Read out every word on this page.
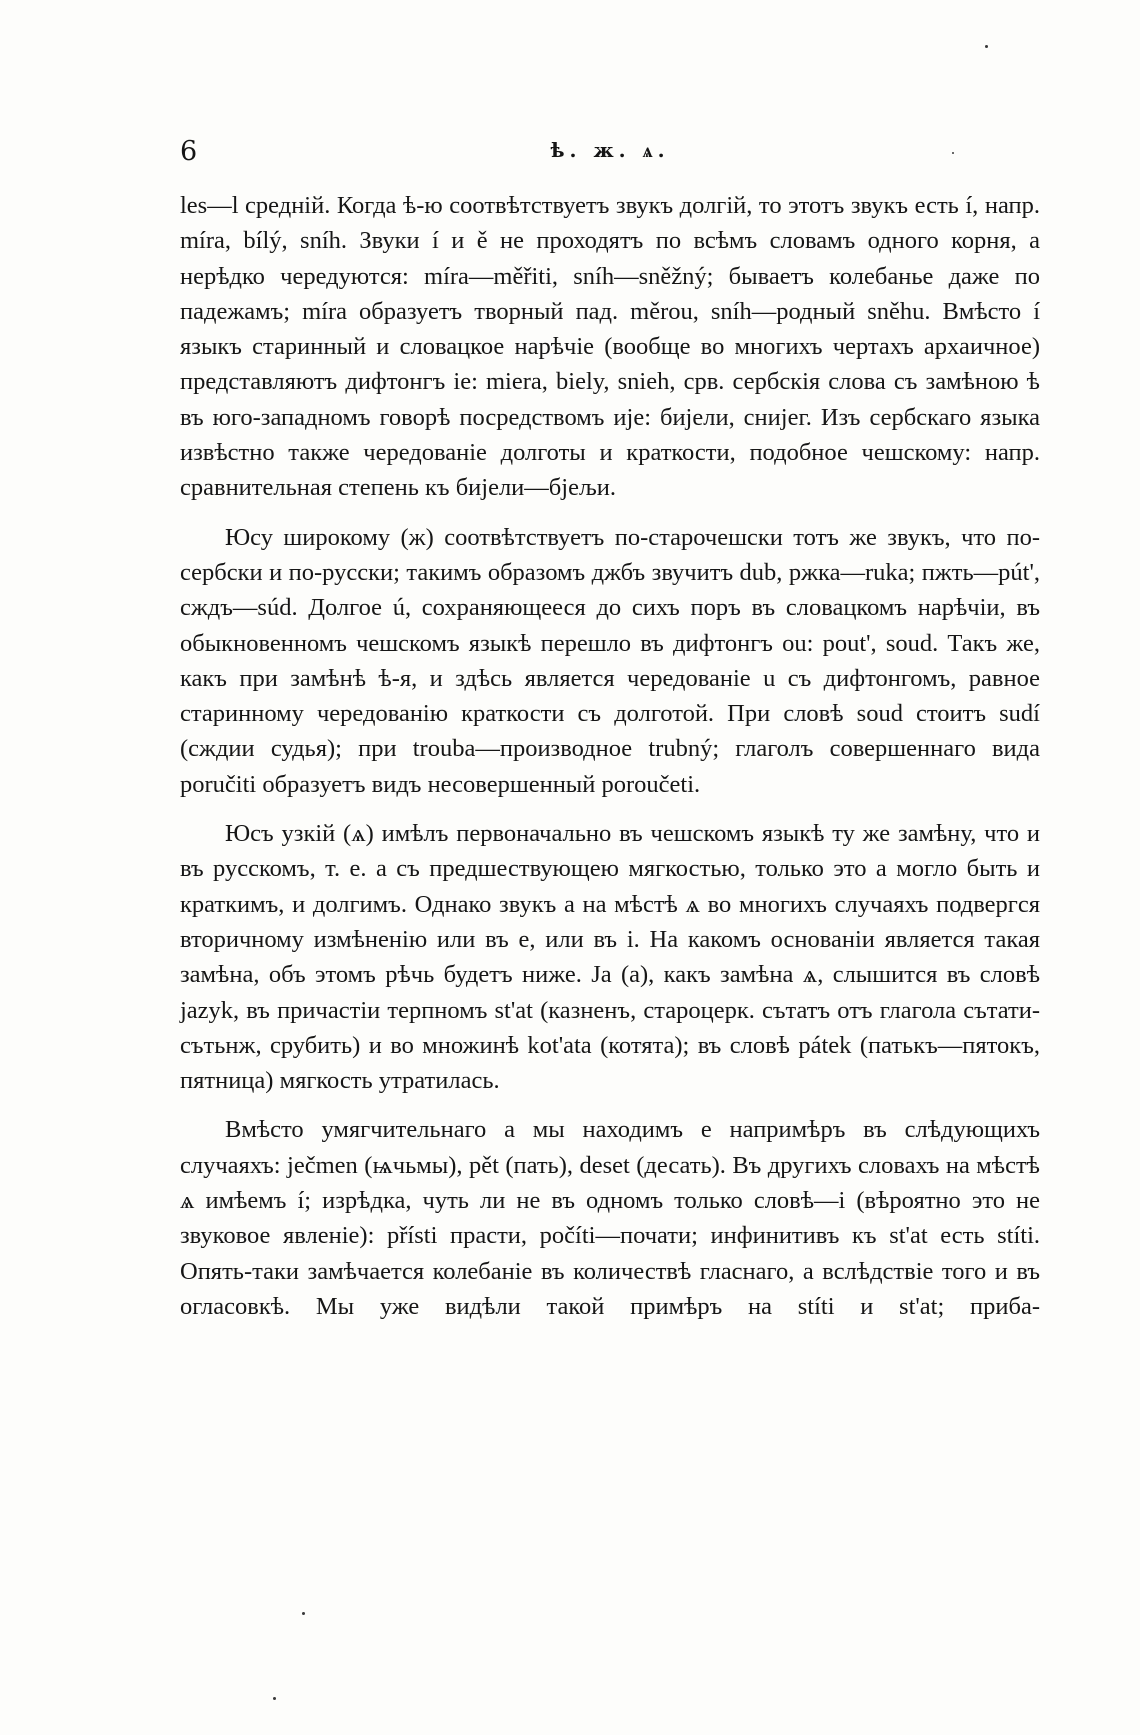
6	ѣ. ж. ѧ.

les—l средній. Когда ѣ-ю соотвѣтствуетъ звукъ долгій, то этотъ звукъ есть í, напр. míra, bílý, sníh. Звуки í и ě не проходятъ по всѣмъ словамъ одного корня, а нерѣдко чередуются: míra—měřiti, sníh—sněžný; бываетъ колебанье даже по падежамъ; míra образуетъ творный пад. měrou, sníh—родный sněhu. Вмѣсто í языкъ старинный и словацкое нарѣчіе (вообще во многихъ чертахъ архаичное) представляютъ дифтонгъ ie: miera, biely, snieh, срв. сербскія слова съ замѣною ѣ въ юго-западномъ говорѣ посредствомъ ије: бијели, снијег. Изъ сербскаго языка извѣстно также чередованіе долготы и краткости, подобное чешскому: напр. сравнительная степень къ бијели—бјељи.

Юсу широкому (ж) соотвѣтствуетъ по-старочешски тотъ же звукъ, что по-сербски и по-русски; такимъ образомъ джбъ звучитъ dub, ржка—ruka; пжть—pút', сждъ—súd. Долгое ú, сохраняющееся до сихъ поръ въ словацкомъ нарѣчіи, въ обыкновенномъ чешскомъ языкѣ перешло въ дифтонгъ ou: pout', soud. Такъ же, какъ при замѣнѣ ѣ-я, и здѣсь является чередованіе u съ дифтонгомъ, равное старинному чередованію краткости съ долготой. При словѣ soud стоитъ sudí (сждии судья); при trouba—производное trubný; глаголъ совершеннаго вида poručiti образуетъ видъ несовершенный poroučeti.

Юсъ узкій (ѧ) имѣлъ первоначально въ чешскомъ языкѣ ту же замѣну, что и въ русскомъ, т. е. а съ предшествующею мягкостью, только это а могло быть и краткимъ, и долгимъ. Однако звукъ а на мѣстѣ ѧ во многихъ случаяхъ подвергся вторичному измѣненію или въ е, или въ i. На какомъ основаніи является такая замѣна, объ этомъ рѣчь будетъ ниже. Ja (а), какъ замѣна ѧ, слышится въ словѣ jazyk, въ причастіи терпномъ st'at (казненъ, староцерк. сътатъ отъ глагола сътати-сътьнж, срубить) и во множинѣ kot'ata (котята); въ словѣ pátek (патькъ—пятокъ, пятница) мягкость утратилась.

Вмѣсто умягчительнаго а мы находимъ е напримѣръ въ слѣдующихъ случаяхъ: ječmen (ѩчьмы), pět (пать), deset (десать). Въ другихъ словахъ на мѣстѣ ѧ имѣемъ í; изрѣдка, чуть ли не въ одномъ только словѣ—i (вѣроятно это не звуковое явленіе): přísti прасти, počíti—почати; инфинитивъ къ st'at есть stíti. Опять-таки замѣчается колебаніе въ количествѣ гласнаго, а вслѣдствіе того и въ огласовкѣ. Мы уже видѣли такой примѣръ на stíti и st'at; приба-
